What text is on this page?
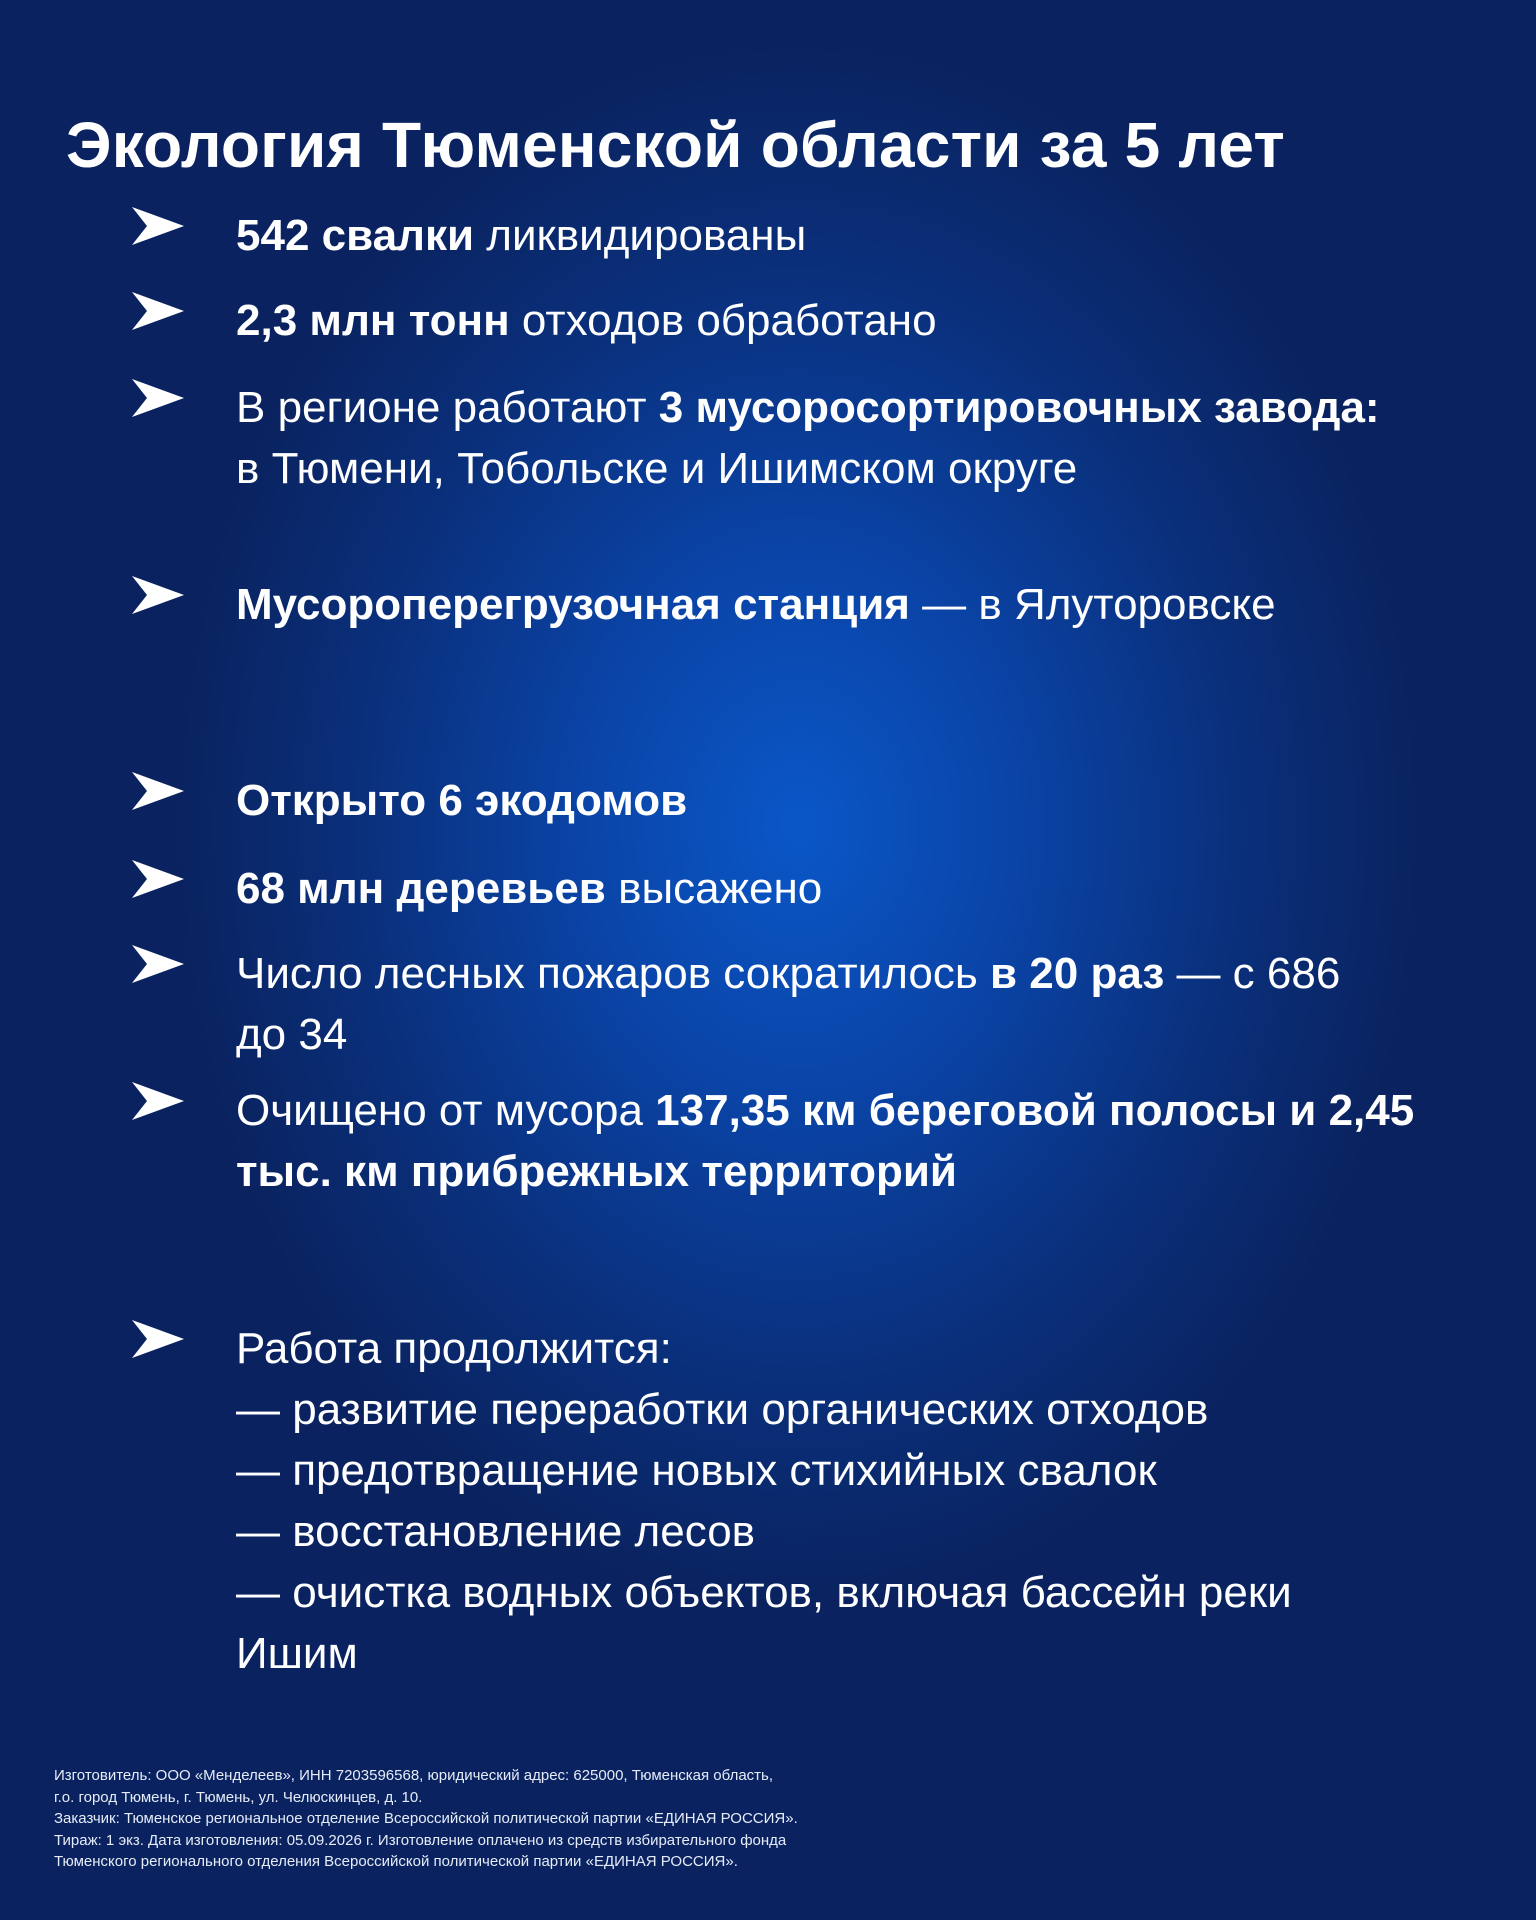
Экология Тюменской области за 5 лет
542 свалки ликвидированы
2,3 млн тонн отходов обработано
В регионе работают 3 мусоросортировочных завода: в Тюмени, Тобольске и Ишимском округе
Мусороперегрузочная станция — в Ялуторовске
Открыто 6 экодомов
68 млн деревьев высажено
Число лесных пожаров сократилось в 20 раз — с 686 до 34
Очищено от мусора 137,35 км береговой полосы и 2,45 тыс. км прибрежных территорий
Работа продолжится:
— развитие переработки органических отходов
— предотвращение новых стихийных свалок
— восстановление лесов
— очистка водных объектов, включая бассейн реки Ишим
Изготовитель: ООО «Менделеев», ИНН 7203596568, юридический адрес: 625000, Тюменская область,
г.о. город Тюмень, г. Тюмень, ул. Челюскинцев, д. 10.
Заказчик: Тюменское региональное отделение Всероссийской политической партии «ЕДИНАЯ РОССИЯ».
Тираж: 1 экз. Дата изготовления: 05.09.2026 г. Изготовление оплачено из средств избирательного фонда
Тюменского регионального отделения Всероссийской политической партии «ЕДИНАЯ РОССИЯ».
